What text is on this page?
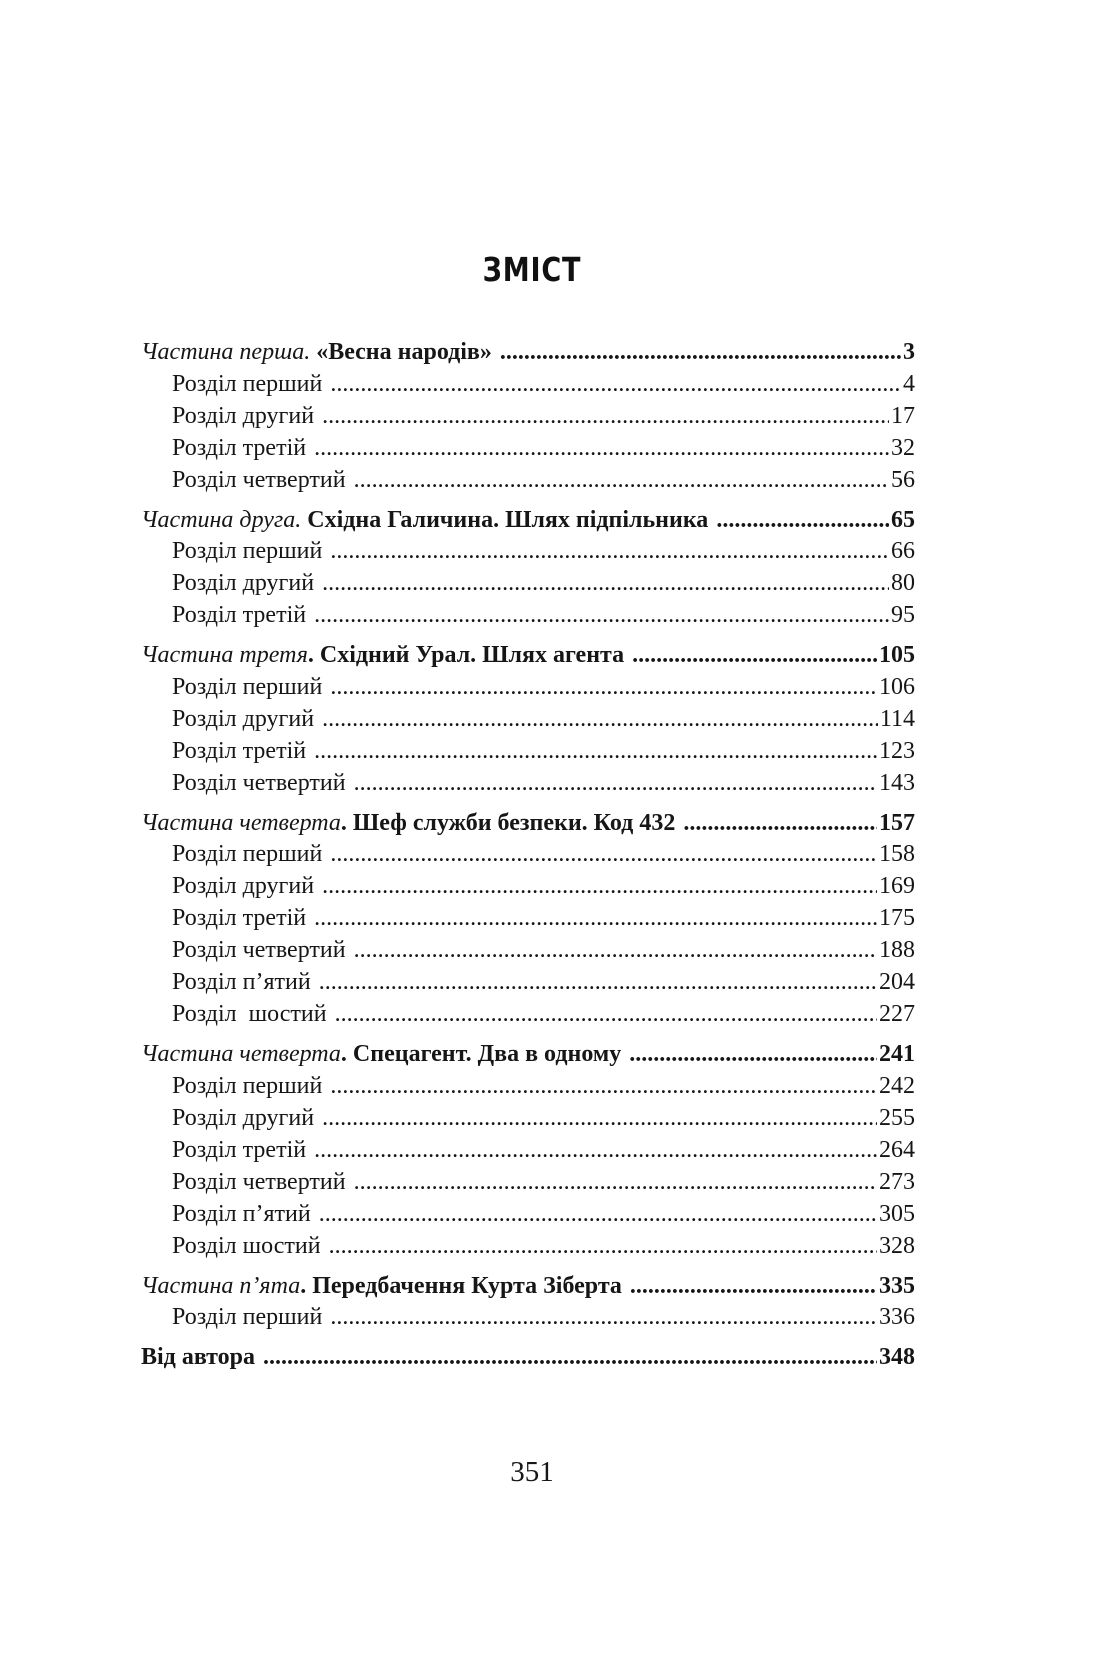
ЗМІСТ
Частина перша. «Весна народів» .....	3
Розділ перший .....	4
Розділ другий .....	17
Розділ третій .....	32
Розділ четвертий .....	56
Частина друга. Східна Галичина. Шлях підпільника .....	65
Розділ перший .....	66
Розділ другий .....	80
Розділ третій .....	95
Частина третя . Східний Урал. Шлях агента .....	105
Розділ перший .....	106
Розділ другий .....	114
Розділ третій .....	123
Розділ четвертий .....	143
Частина четверта . Шеф служби безпеки. Код 432 .....	157
Розділ перший .....	158
Розділ другий .....	169
Розділ третій .....	175
Розділ четвертий .....	188
Розділ п’ятий .....	204
Розділ  шостий .....	227
Частина четверта . Спецагент. Два в одному .....	241
Розділ перший .....	242
Розділ другий .....	255
Розділ третій .....	264
Розділ четвертий .....	273
Розділ п’ятий .....	305
Розділ шостий .....	328
Частина п’ята . Передбачення Курта Зіберта .....	335
Розділ перший .....	336
Від автора .....	348
351
